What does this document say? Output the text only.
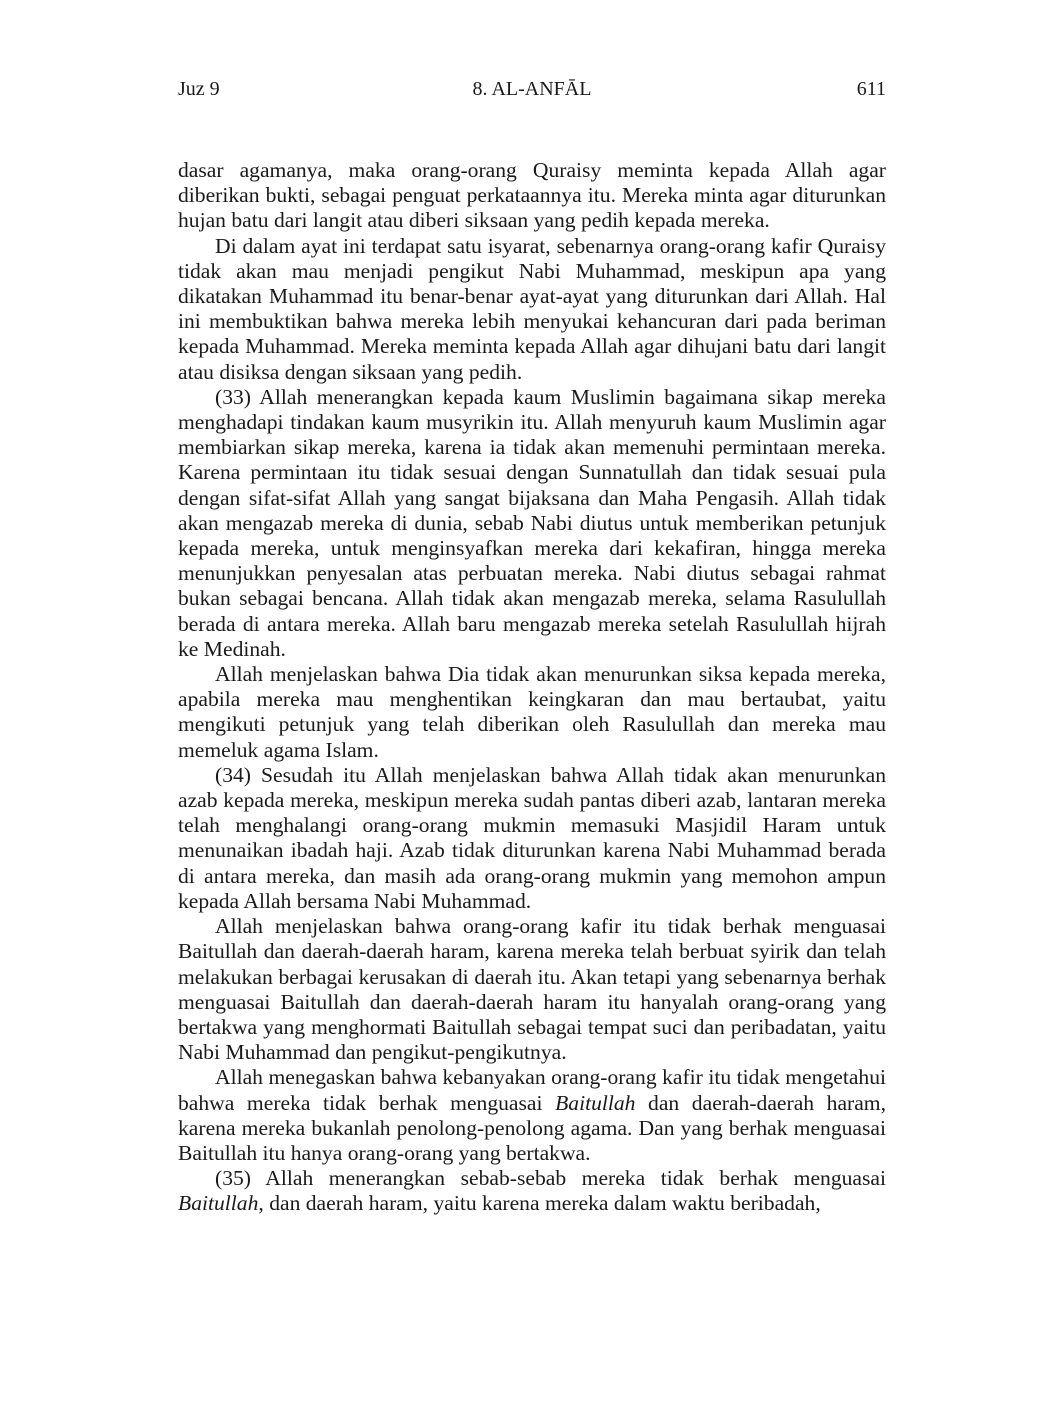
Juz 9	8. AL-ANFĀL	611

dasar agamanya, maka orang-orang Quraisy meminta kepada Allah agar diberikan bukti, sebagai penguat perkataannya itu. Mereka minta agar diturunkan hujan batu dari langit atau diberi siksaan yang pedih kepada mereka.

Di dalam ayat ini terdapat satu isyarat, sebenarnya orang-orang kafir Quraisy tidak akan mau menjadi pengikut Nabi Muhammad, meskipun apa yang dikatakan Muhammad itu benar-benar ayat-ayat yang diturunkan dari Allah. Hal ini membuktikan bahwa mereka lebih menyukai kehancuran dari pada beriman kepada Muhammad. Mereka meminta kepada Allah agar dihujani batu dari langit atau disiksa dengan siksaan yang pedih.

(33) Allah menerangkan kepada kaum Muslimin bagaimana sikap mereka menghadapi tindakan kaum musyrikin itu. Allah menyuruh kaum Muslimin agar membiarkan sikap mereka, karena ia tidak akan memenuhi permintaan mereka. Karena permintaan itu tidak sesuai dengan Sunnatullah dan tidak sesuai pula dengan sifat-sifat Allah yang sangat bijaksana dan Maha Pengasih. Allah tidak akan mengazab mereka di dunia, sebab Nabi diutus untuk memberikan petunjuk kepada mereka, untuk menginsyafkan mereka dari kekafiran, hingga mereka menunjukkan penyesalan atas perbuatan mereka. Nabi diutus sebagai rahmat bukan sebagai bencana. Allah tidak akan mengazab mereka, selama Rasulullah berada di antara mereka. Allah baru mengazab mereka setelah Rasulullah hijrah ke Medinah.

Allah menjelaskan bahwa Dia tidak akan menurunkan siksa kepada mereka, apabila mereka mau menghentikan keingkaran dan mau bertaubat, yaitu mengikuti petunjuk yang telah diberikan oleh Rasulullah dan mereka mau memeluk agama Islam.

(34) Sesudah itu Allah menjelaskan bahwa Allah tidak akan menurunkan azab kepada mereka, meskipun mereka sudah pantas diberi azab, lantaran mereka telah menghalangi orang-orang mukmin memasuki Masjidil Haram untuk menunaikan ibadah haji. Azab tidak diturunkan karena Nabi Muhammad berada di antara mereka, dan masih ada orang-orang mukmin yang memohon ampun kepada Allah bersama Nabi Muhammad.

Allah menjelaskan bahwa orang-orang kafir itu tidak berhak menguasai Baitullah dan daerah-daerah haram, karena mereka telah berbuat syirik dan telah melakukan berbagai kerusakan di daerah itu. Akan tetapi yang sebenarnya berhak menguasai Baitullah dan daerah-daerah haram itu hanyalah orang-orang yang bertakwa yang menghormati Baitullah sebagai tempat suci dan peribadatan, yaitu Nabi Muhammad dan pengikut-pengikutnya.

Allah menegaskan bahwa kebanyakan orang-orang kafir itu tidak mengetahui bahwa mereka tidak berhak menguasai Baitullah dan daerah-daerah haram, karena mereka bukanlah penolong-penolong agama. Dan yang berhak menguasai Baitullah itu hanya orang-orang yang bertakwa.

(35) Allah menerangkan sebab-sebab mereka tidak berhak menguasai Baitullah, dan daerah haram, yaitu karena mereka dalam waktu beribadah,
